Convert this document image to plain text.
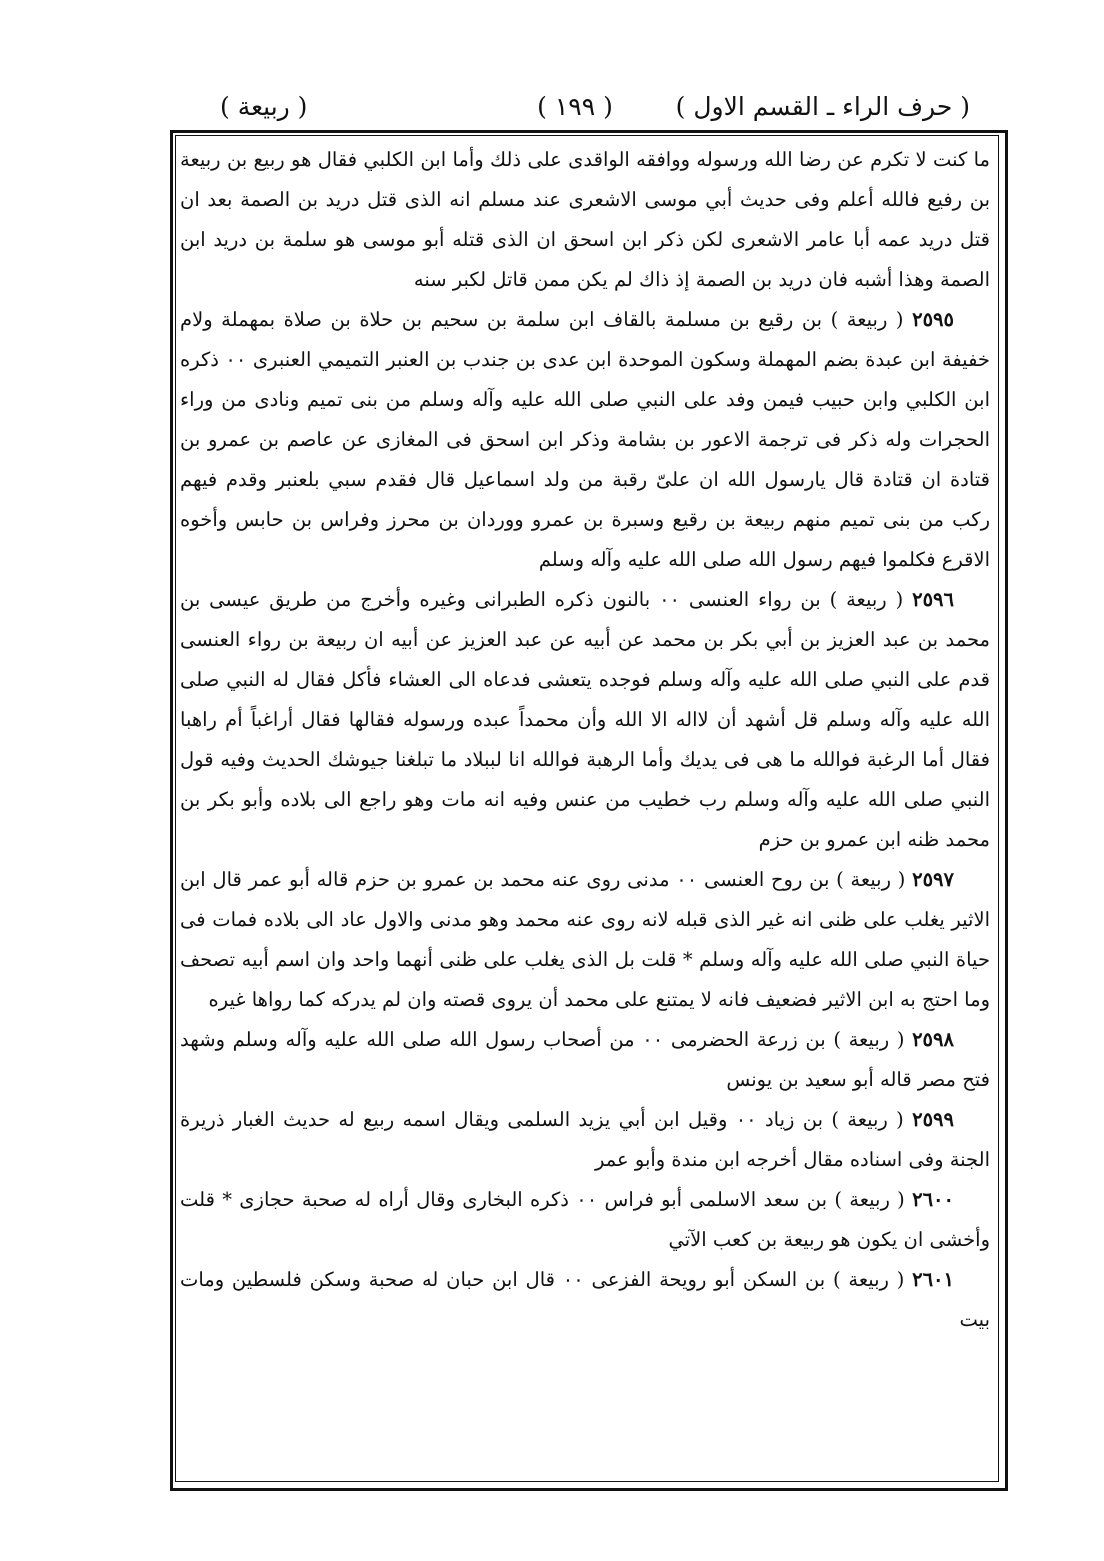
( حرف الراء ـ القسم الاول )
( ١٩٩ )
( ربيعة )

ما كنت لا تكرم عن رضا الله ورسوله ووافقه الواقدى على ذلك وأما ابن الكلبي فقال هو ربيع بن ربيعة بن رفيع فالله أعلم وفى حديث أبي موسى الاشعرى عند مسلم انه الذى قتل دريد بن الصمة بعد ان قتل دريد عمه أبا عامر الاشعرى لكن ذكر ابن اسحق ان الذى قتله أبو موسى هو سلمة بن دريد ابن الصمة وهذا أشبه فان دريد بن الصمة إذ ذاك لم يكن ممن قاتل لكبر سنه

٢٥٩٥ ( ربيعة ) بن رقيع بن مسلمة بالقاف ابن سلمة بن سحيم بن حلاة بن صلاة بمهملة ولام خفيفة ابن عبدة بضم المهملة وسكون الموحدة ابن عدى بن جندب بن العنبر التميمي العنبرى ٠٠ ذكره ابن الكلبي وابن حبيب فيمن وفد على النبي صلى الله عليه وآله وسلم من بنى تميم ونادى من وراء الحجرات وله ذكر فى ترجمة الاعور بن بشامة وذكر ابن اسحق فى المغازى عن عاصم بن عمرو بن قتادة ان قتادة قال يارسول الله ان علىّ رقبة من ولد اسماعيل قال فقدم سبي بلعنبر وقدم فيهم ركب من بنى تميم منهم ربيعة بن رقيع وسبرة بن عمرو ووردان بن محرز وفراس بن حابس وأخوه الاقرع فكلموا فيهم رسول الله صلى الله عليه وآله وسلم

٢٥٩٦ ( ربيعة ) بن رواء العنسى ٠٠ بالنون ذكره الطبرانى وغيره وأخرج من طريق عيسى بن محمد بن عبد العزيز بن أبي بكر بن محمد عن أبيه عن عبد العزيز عن أبيه ان ربيعة بن رواء العنسى قدم على النبي صلى الله عليه وآله وسلم فوجده يتعشى فدعاه الى العشاء فأكل فقال له النبي صلى الله عليه وآله وسلم قل أشهد أن لااله الا الله وأن محمداً عبده ورسوله فقالها فقال أراغباً أم راهبا فقال أما الرغبة فوالله ما هى فى يديك وأما الرهبة فوالله انا لببلاد ما تبلغنا جيوشك الحديث وفيه قول النبي صلى الله عليه وآله وسلم رب خطيب من عنس وفيه انه مات وهو راجع الى بلاده وأبو بكر بن محمد ظنه ابن عمرو بن حزم

٢٥٩٧ ( ربيعة ) بن روح العنسى ٠٠ مدنى روى عنه محمد بن عمرو بن حزم قاله أبو عمر قال ابن الاثير يغلب على ظنى انه غير الذى قبله لانه روى عنه محمد وهو مدنى والاول عاد الى بلاده فمات فى حياة النبي صلى الله عليه وآله وسلم * قلت بل الذى يغلب على ظنى أنهما واحد وان اسم أبيه تصحف وما احتج به ابن الاثير فضعيف فانه لا يمتنع على محمد أن يروى قصته وان لم يدركه كما رواها غيره

٢٥٩٨ ( ربيعة ) بن زرعة الحضرمى ٠٠ من أصحاب رسول الله صلى الله عليه وآله وسلم وشهد فتح مصر قاله أبو سعيد بن يونس

٢٥٩٩ ( ربيعة ) بن زياد ٠٠ وقيل ابن أبي يزيد السلمى ويقال اسمه ربيع له حديث الغبار ذريرة الجنة وفى اسناده مقال أخرجه ابن مندة وأبو عمر

٢٦٠٠ ( ربيعة ) بن سعد الاسلمى أبو فراس ٠٠ ذكره البخارى وقال أراه له صحبة حجازى * قلت وأخشى ان يكون هو ربيعة بن كعب الآتي

٢٦٠١ ( ربيعة ) بن السكن أبو رويحة الفزعى ٠٠ قال ابن حبان له صحبة وسكن فلسطين ومات بيت
